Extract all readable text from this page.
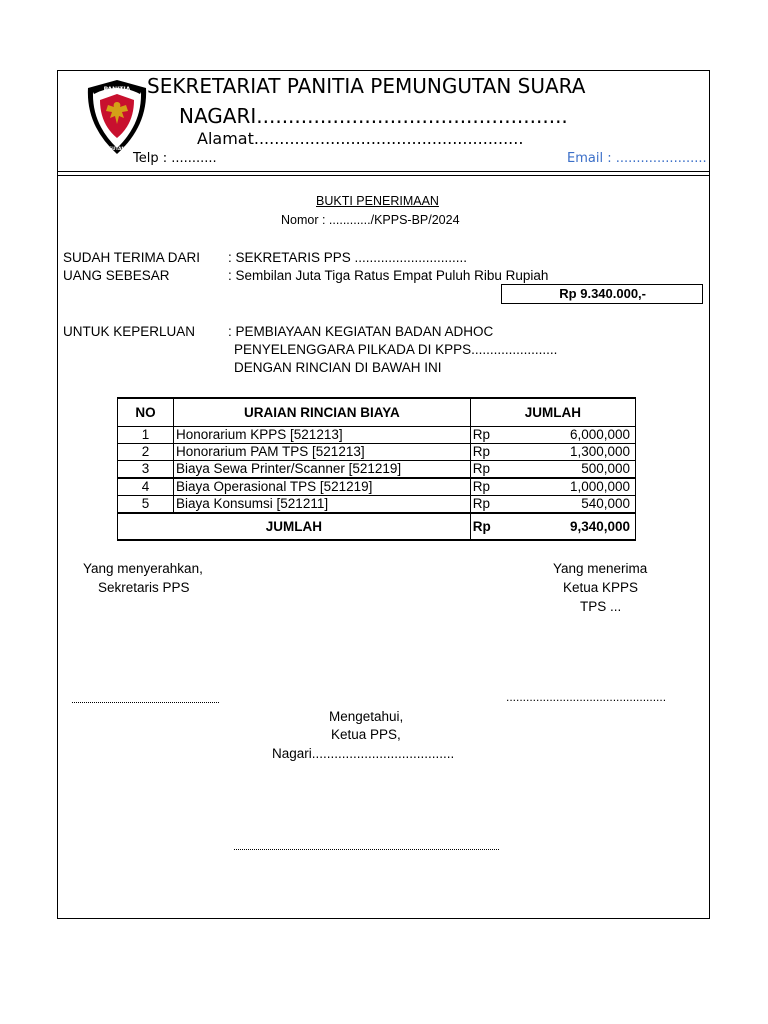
PANITIA
PEMUNGUTAN SUARA
SEKRETARIAT PANITIA PEMUNGUTAN SUARA
NAGARI.................................................
Alamat.....................................................
Telp : ...........	Email : ......................
BUKTI PENERIMAAN
Nomor : ............/KPPS-BP/2024
SUDAH TERIMA DARI : SEKRETARIS PPS ..............................
UANG SEBESAR	: Sembilan Juta Tiga Ratus Empat Puluh Ribu Rupiah
Rp 9.340.000,-
UNTUK KEPERLUAN : PEMBIAYAAN KEGIATAN BADAN ADHOC
PENYELENGGARA PILKADA DI KPPS.......................
DENGAN RINCIAN DI BAWAH INI
NO	URAIAN RINCIAN BIAYA	JUMLAH	
1	Honorarium KPPS [521213]	Rp	6,000,000
2	Honorarium PAM TPS [521213]	Rp	1,300,000
3	Biaya Sewa Printer/Scanner [521219]	Rp	500,000
4	Biaya Operasional TPS [521219]	Rp	1,000,000
5	Biaya Konsumsi [521211]	Rp	540,000
JUMLAH		Rp	9,340,000
Yang menyerahkan,
Sekretaris PPS
Yang menerima
Ketua KPPS
TPS ...
................................................
Mengetahui,
Ketua PPS,
Nagari......................................
